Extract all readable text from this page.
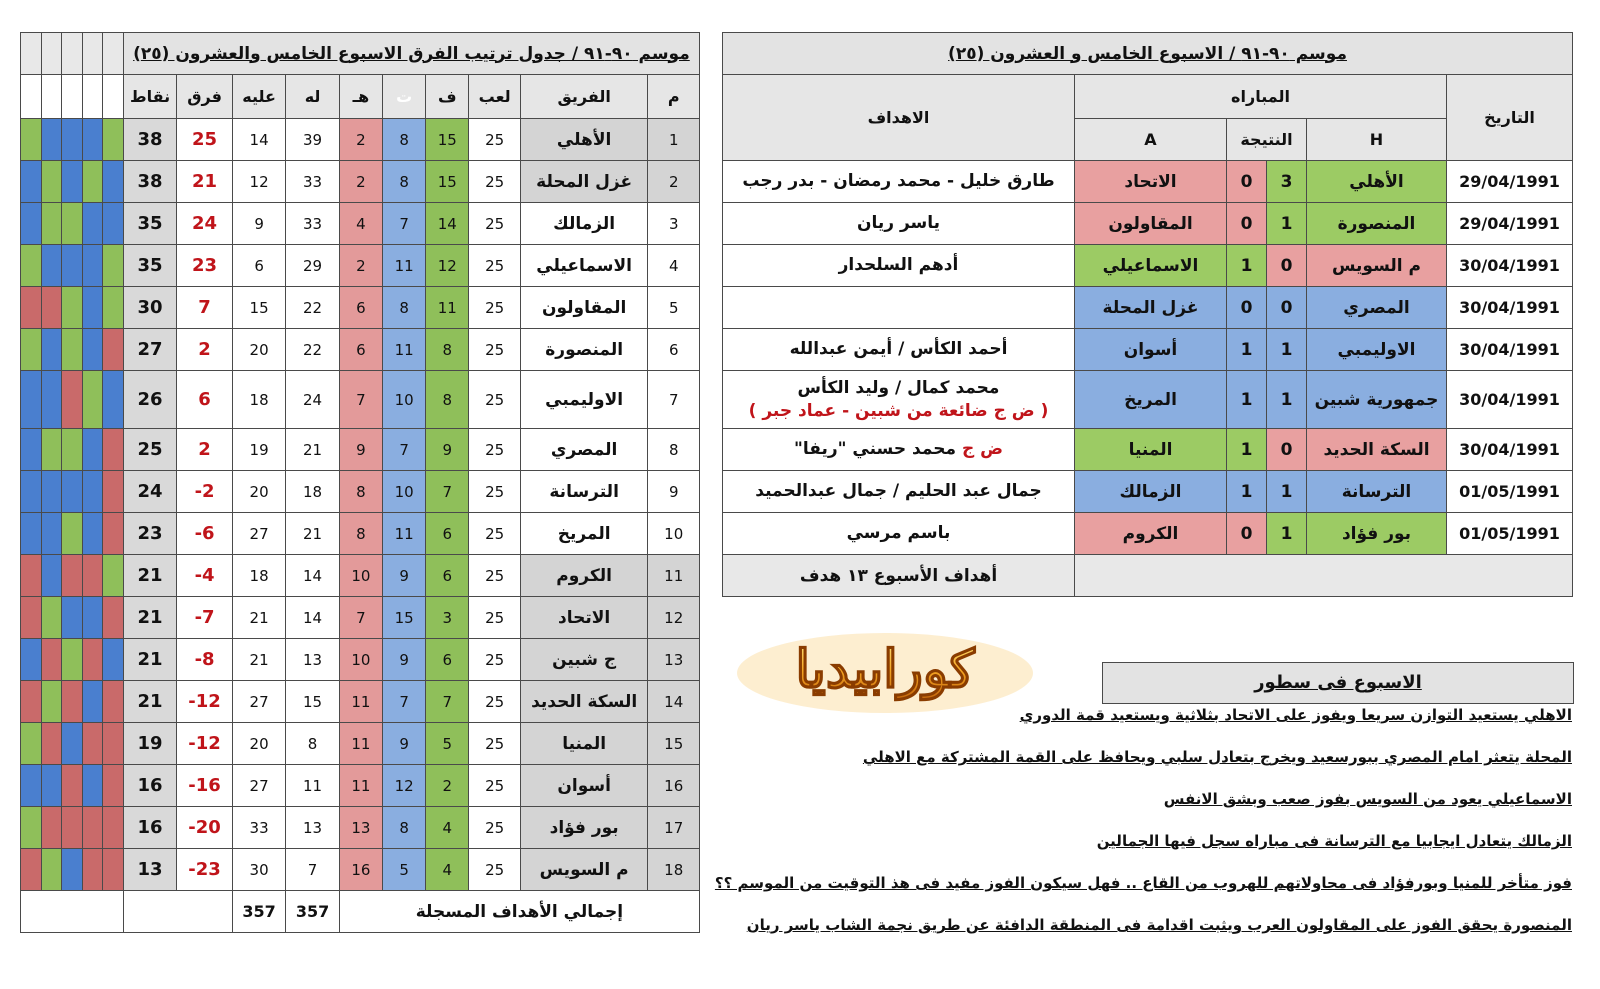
موسم ٩٠-٩١ / الاسبوع الخامس و العشرون (٢٥)					
الاهداف	المباراه				التاريخ
	A	النتيجة		H	
طارق خليل - محمد رمضان - بدر رجب	الاتحاد	0	3	الأهلي	29/04/1991
ياسر ريان	المقاولون	0	1	المنصورة	29/04/1991
أدهم السلحدار	الاسماعيلي	1	0	م السويس	30/04/1991
	غزل المحلة	0	0	المصري	30/04/1991
أحمد الكأس / أيمن عبدالله	أسوان	1	1	الاوليمبي	30/04/1991
محمد كمال / وليد الكأس
( ض ج ضائعة من شبين - عماد جبر )	المريخ	1	1	جمهورية شبين	30/04/1991
ض ج محمد حسني "ريفا"	المنيا	1	0	السكة الحديد	30/04/1991
جمال عبد الحليم / جمال عبدالحميد	الزمالك	1	1	الترسانة	01/05/1991
باسم مرسي	الكروم	0	1	بور فؤاد	01/05/1991
أهداف الأسبوع ١٣ هدف					
					موسم ٩٠-٩١ / جدول ترتيب الفرق الاسبوع الخامس والعشرون (٢٥)									
					نقاط	فرق	عليه	له	هـ	ت	ف	لعب	الفريق	م
					38	25	14	39	2	8	15	25	الأهلي	1
					38	21	12	33	2	8	15	25	غزل المحلة	2
					35	24	9	33	4	7	14	25	الزمالك	3
					35	23	6	29	2	11	12	25	الاسماعيلي	4
					30	7	15	22	6	8	11	25	المقاولون	5
					27	2	20	22	6	11	8	25	المنصورة	6
					26	6	18	24	7	10	8	25	الاوليمبي	7
					25	2	19	21	9	7	9	25	المصري	8
					24	-2	20	18	8	10	7	25	الترسانة	9
					23	-6	27	21	8	11	6	25	المريخ	10
					21	-4	18	14	10	9	6	25	الكروم	11
					21	-7	21	14	7	15	3	25	الاتحاد	12
					21	-8	21	13	10	9	6	25	ج شبين	13
					21	-12	27	15	11	7	7	25	السكة الحديد	14
					19	-12	20	8	11	9	5	25	المنيا	15
					16	-16	27	11	11	12	2	25	أسوان	16
					16	-20	33	13	13	8	4	25	بور فؤاد	17
					13	-23	30	7	16	5	4	25	م السويس	18
							357	357	إجمالي الأهداف المسجلة					
كورابيديا	الاسبوع فى سطور
الاهلي يستعيد التوازن سريعا ويفوز على الاتحاد بثلاثية ويستعيد قمة الدوري
المحلة يتعثر امام المصري ببورسعيد ويخرج بتعادل سلبي ويحافظ على القمة المشتركة مع الاهلي
الاسماعيلي يعود من السويس بفوز صعب وبشق الانفس
الزمالك يتعادل ايجابيا مع الترسانة فى مباراه سجل فيها الجمالين
فوز متأخر للمنيا وبورفؤاد فى محاولاتهم للهروب من القاع .. فهل سيكون الفوز مفيد فى هذ التوقيت من الموسم ؟؟
المنصورة يحقق الفوز على المقاولون العرب ويثبت اقدامة فى المنطقة الدافئة عن طريق نجمة الشاب ياسر ريان
